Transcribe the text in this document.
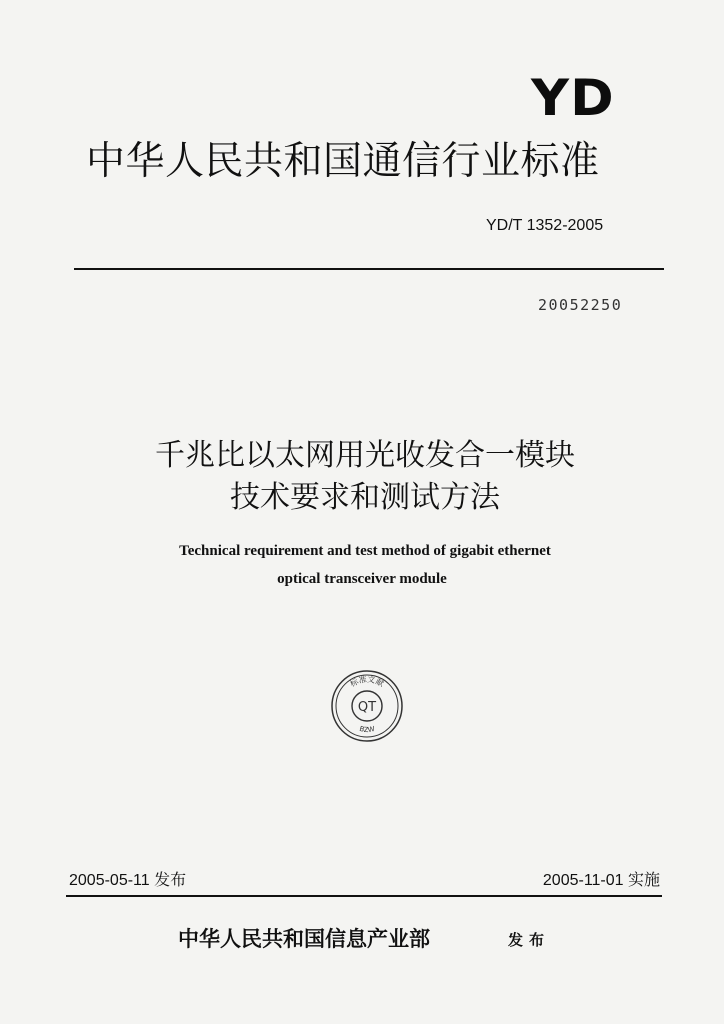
YD
中华人民共和国通信行业标准
YD/T 1352-2005
20052250
千兆比以太网用光收发合一模块
技术要求和测试方法
Technical requirement and test method of gigabit ethernet
optical transceiver module
标准文献
BZW
QT
2005-05-11 发布	2005-11-01 实施
中华人民共和国信息产业部	发布
